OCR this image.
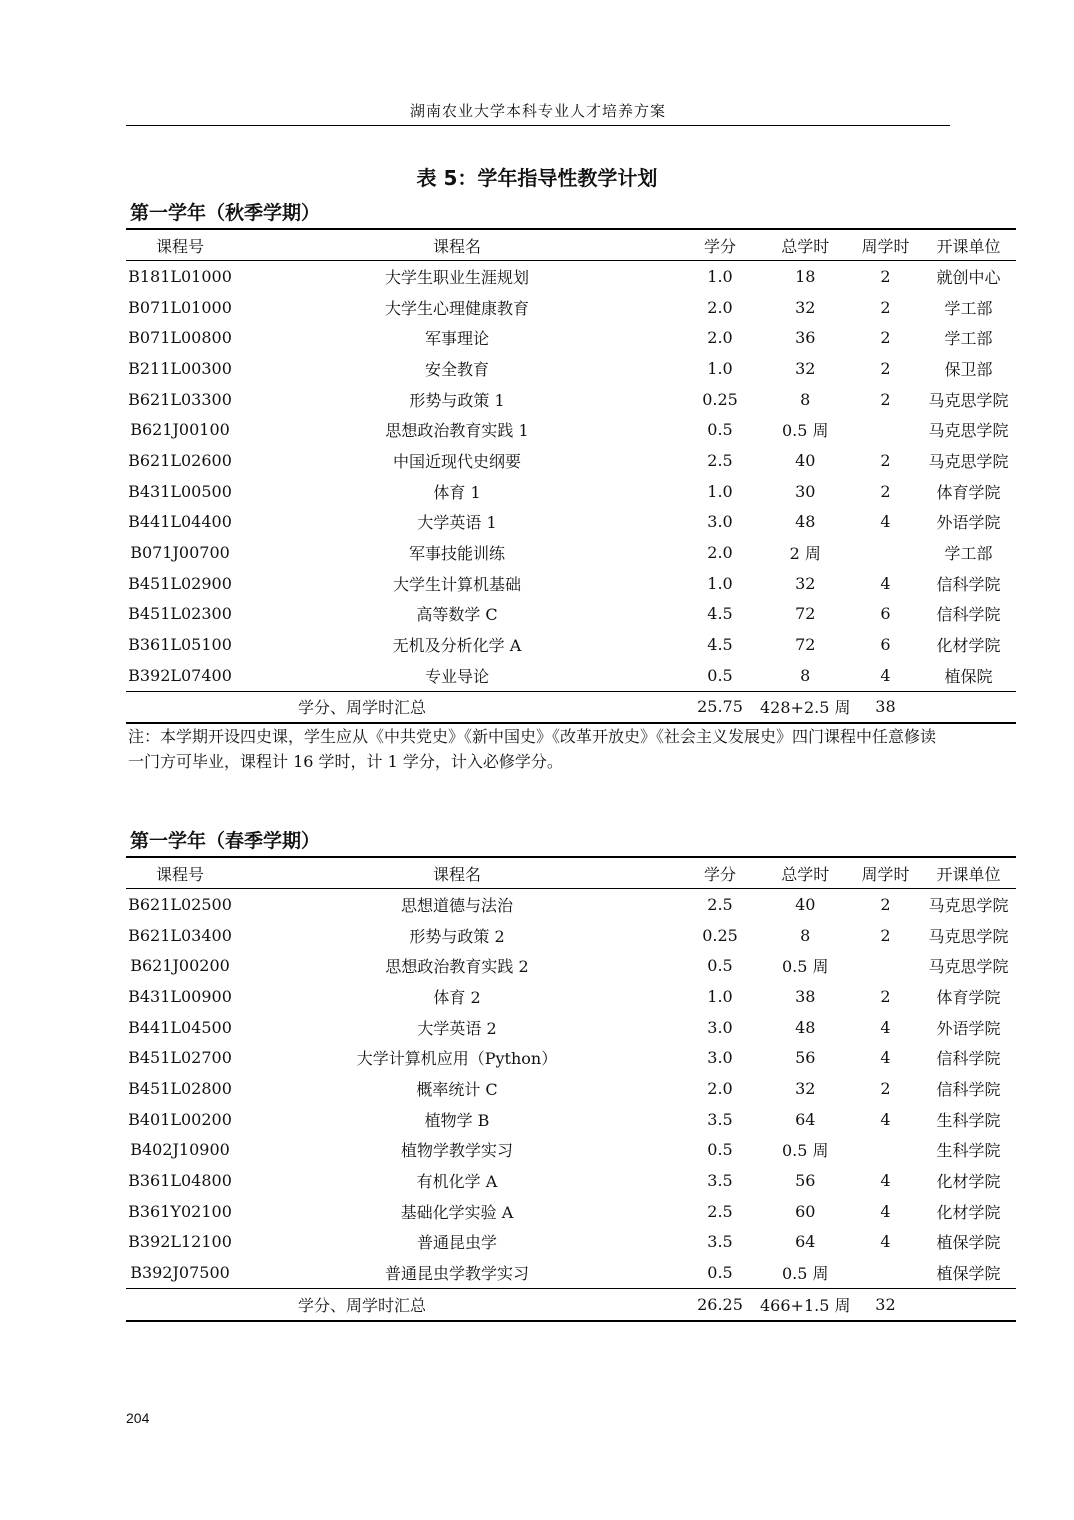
湖南农业大学本科专业人才培养方案
表 5：学年指导性教学计划
第一学年（秋季学期）
课程号	课程名	学分	总学时	周学时	开课单位
B181L01000	大学生职业生涯规划	1.0	18	2	就创中心
B071L01000	大学生心理健康教育	2.0	32	2	学工部
B071L00800	军事理论	2.0	36	2	学工部
B211L00300	安全教育	1.0	32	2	保卫部
B621L03300	形势与政策 1	0.25	8	2	马克思学院
B621J00100	思想政治教育实践 1	0.5	0.5 周		马克思学院
B621L02600	中国近现代史纲要	2.5	40	2	马克思学院
B431L00500	体育 1	1.0	30	2	体育学院
B441L04400	大学英语 1	3.0	48	4	外语学院
B071J00700	军事技能训练	2.0	2 周		学工部
B451L02900	大学生计算机基础	1.0	32	4	信科学院
B451L02300	高等数学 C	4.5	72	6	信科学院
B361L05100	无机及分析化学 A	4.5	72	6	化材学院
B392L07400	专业导论	0.5	8	4	植保院
	学分、周学时汇总	25.75	428+2.5 周	38	
注：本学期开设四史课，学生应从《中共党史》《新中国史》《改革开放史》《社会主义发展史》四门课程中任意修读一门方可毕业，课程计 16 学时，计 1 学分，计入必修学分。
第一学年（春季学期）
课程号	课程名	学分	总学时	周学时	开课单位
B621L02500	思想道德与法治	2.5	40	2	马克思学院
B621L03400	形势与政策 2	0.25	8	2	马克思学院
B621J00200	思想政治教育实践 2	0.5	0.5 周		马克思学院
B431L00900	体育 2	1.0	38	2	体育学院
B441L04500	大学英语 2	3.0	48	4	外语学院
B451L02700	大学计算机应用（Python）	3.0	56	4	信科学院
B451L02800	概率统计 C	2.0	32	2	信科学院
B401L00200	植物学 B	3.5	64	4	生科学院
B402J10900	植物学教学实习	0.5	0.5 周		生科学院
B361L04800	有机化学 A	3.5	56	4	化材学院
B361Y02100	基础化学实验 A	2.5	60	4	化材学院
B392L12100	普通昆虫学	3.5	64	4	植保学院
B392J07500	普通昆虫学教学实习	0.5	0.5 周		植保学院
	学分、周学时汇总	26.25	466+1.5 周	32	
204
